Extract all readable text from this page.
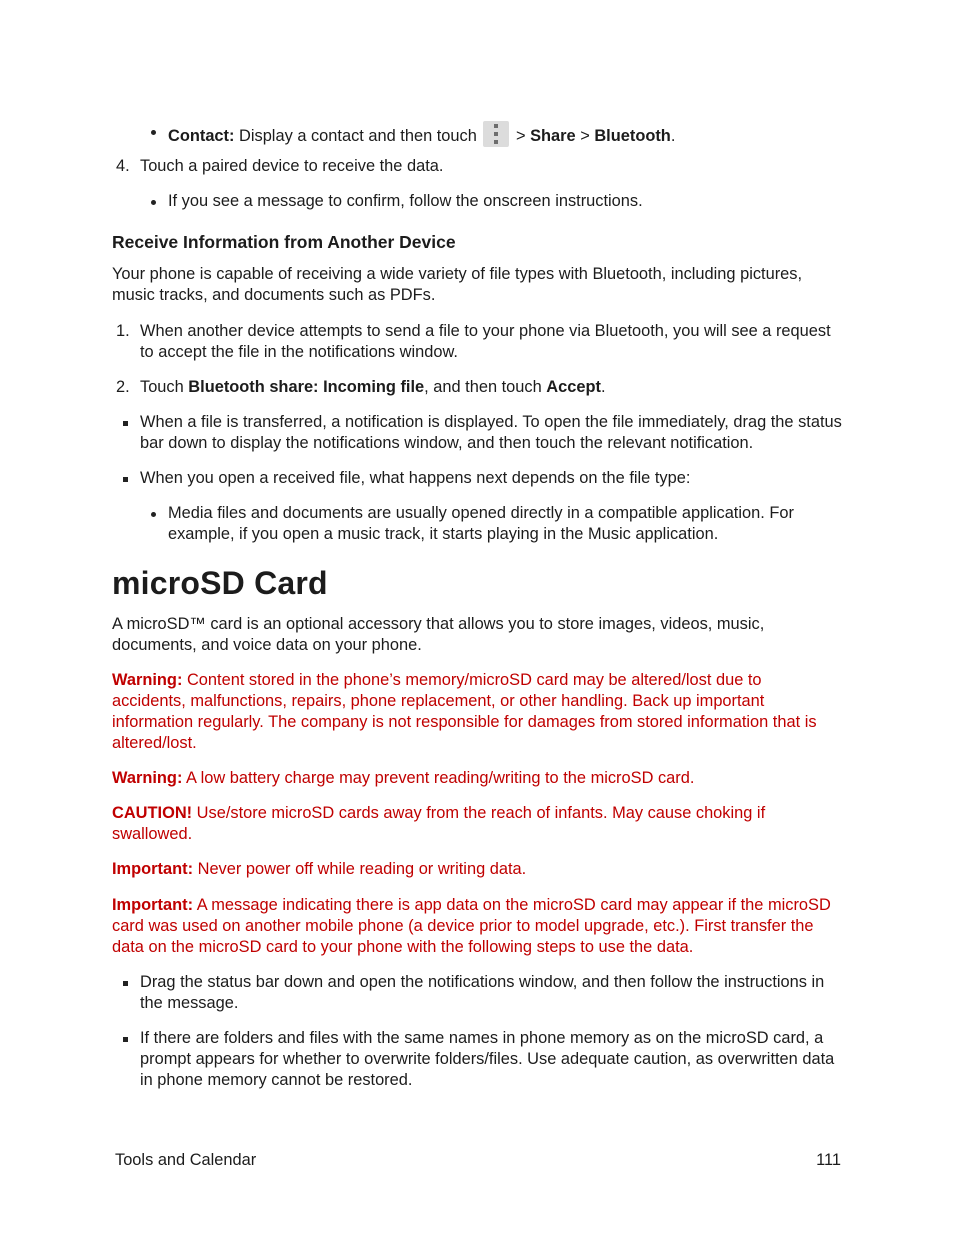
Contact: Display a contact and then touch
> Share > Bluetooth.
4. Touch a paired device to receive the data.
If you see a message to confirm, follow the onscreen instructions.
Receive Information from Another Device
Your phone is capable of receiving a wide variety of file types with Bluetooth, including pictures, music tracks, and documents such as PDFs.
1. When another device attempts to send a file to your phone via Bluetooth, you will see a request to accept the file in the notifications window.
2. Touch Bluetooth share: Incoming file, and then touch Accept.
When a file is transferred, a notification is displayed. To open the file immediately, drag the status bar down to display the notifications window, and then touch the relevant notification.
When you open a received file, what happens next depends on the file type:
Media files and documents are usually opened directly in a compatible application. For example, if you open a music track, it starts playing in the Music application.
microSD Card
A microSD™ card is an optional accessory that allows you to store images, videos, music, documents, and voice data on your phone.
Warning: Content stored in the phone’s memory/microSD card may be altered/lost due to accidents, malfunctions, repairs, phone replacement, or other handling. Back up important information regularly. The company is not responsible for damages from stored information that is altered/lost.
Warning: A low battery charge may prevent reading/writing to the microSD card.
CAUTION! Use/store microSD cards away from the reach of infants. May cause choking if swallowed.
Important: Never power off while reading or writing data.
Important: A message indicating there is app data on the microSD card may appear if the microSD card was used on another mobile phone (a device prior to model upgrade, etc.). First transfer the data on the microSD card to your phone with the following steps to use the data.
Drag the status bar down and open the notifications window, and then follow the instructions in the message.
If there are folders and files with the same names in phone memory as on the microSD card, a prompt appears for whether to overwrite folders/files. Use adequate caution, as overwritten data in phone memory cannot be restored.
Tools and Calendar	111
